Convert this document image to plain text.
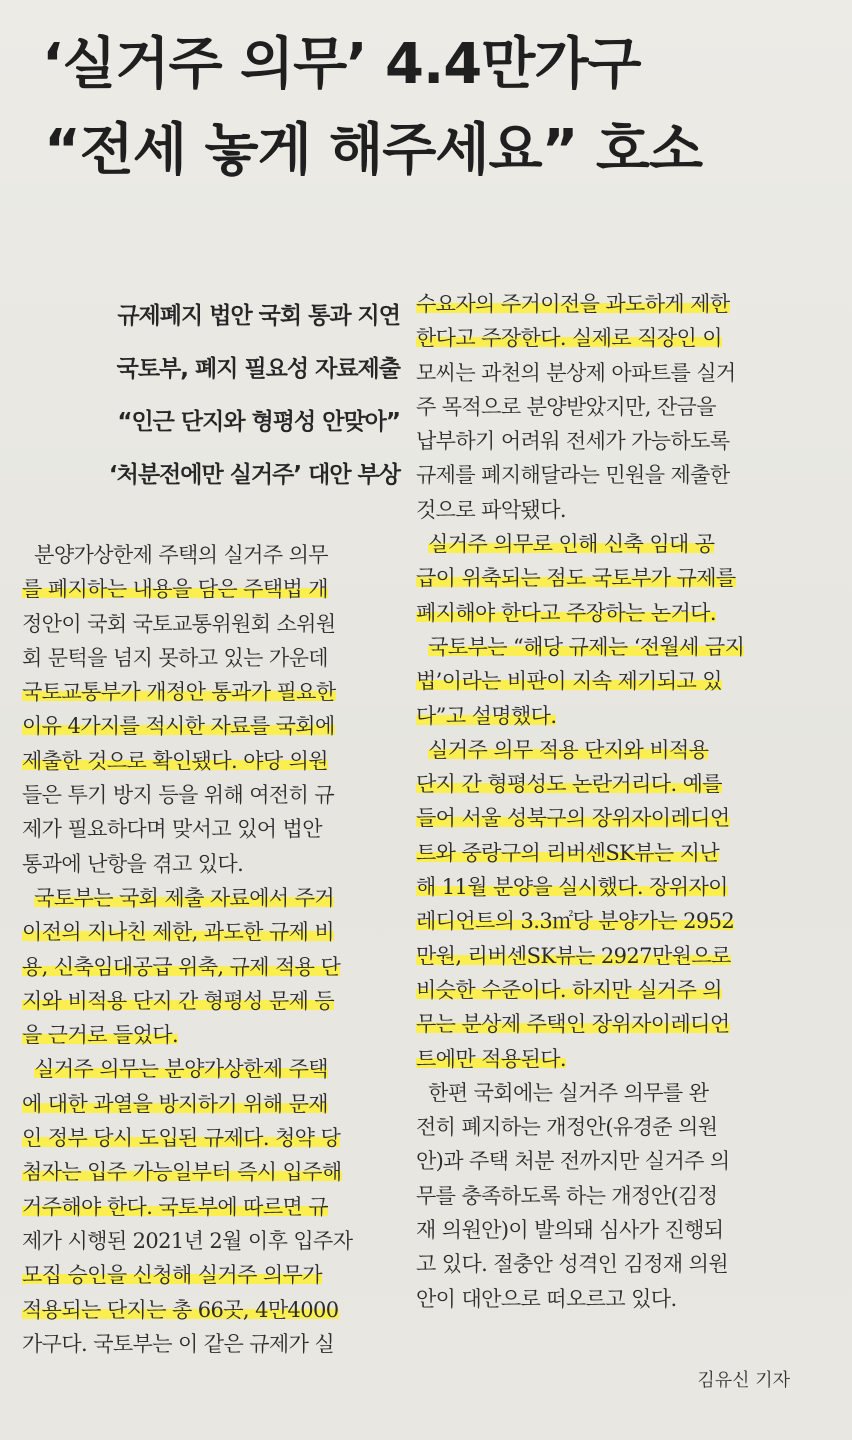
‘실거주 의무’ 4.4만가구
“전세 놓게 해주세요” 호소
규제폐지 법안 국회 통과 지연
국토부, 폐지 필요성 자료제출
“인근 단지와 형평성 안맞아”
‘처분전에만 실거주’ 대안 부상
분양가상한제 주택의 실거주 의무
를 폐지하는 내용을 담은 주택법 개
정안이 국회 국토교통위원회 소위원
회 문턱을 넘지 못하고 있는 가운데
국토교통부가 개정안 통과가 필요한
이유 4가지를 적시한 자료를 국회에
제출한 것으로 확인됐다. 야당 의원
들은 투기 방지 등을 위해 여전히 규
제가 필요하다며 맞서고 있어 법안
통과에 난항을 겪고 있다.
국토부는 국회 제출 자료에서 주거
이전의 지나친 제한, 과도한 규제 비
용, 신축임대공급 위축, 규제 적용 단
지와 비적용 단지 간 형평성 문제 등
을 근거로 들었다.
실거주 의무는 분양가상한제 주택
에 대한 과열을 방지하기 위해 문재
인 정부 당시 도입된 규제다. 청약 당
첨자는 입주 가능일부터 즉시 입주해
거주해야 한다. 국토부에 따르면 규
제가 시행된 2021년 2월 이후 입주자
모집 승인을 신청해 실거주 의무가
적용되는 단지는 총 66곳, 4만4000
가구다. 국토부는 이 같은 규제가 실
수요자의 주거이전을 과도하게 제한
한다고 주장한다. 실제로 직장인 이
모씨는 과천의 분상제 아파트를 실거
주 목적으로 분양받았지만, 잔금을
납부하기 어려워 전세가 가능하도록
규제를 폐지해달라는 민원을 제출한
것으로 파악됐다.
실거주 의무로 인해 신축 임대 공
급이 위축되는 점도 국토부가 규제를
폐지해야 한다고 주장하는 논거다.
국토부는 “해당 규제는 ‘전월세 금지
법’이라는 비판이 지속 제기되고 있
다”고 설명했다.
실거주 의무 적용 단지와 비적용
단지 간 형평성도 논란거리다. 예를
들어 서울 성북구의 장위자이레디언
트와 중랑구의 리버센SK뷰는 지난
해 11월 분양을 실시했다. 장위자이
레디언트의 3.3㎡당 분양가는 2952
만원, 리버센SK뷰는 2927만원으로
비슷한 수준이다. 하지만 실거주 의
무는 분상제 주택인 장위자이레디언
트에만 적용된다.
한편 국회에는 실거주 의무를 완
전히 폐지하는 개정안(유경준 의원
안)과 주택 처분 전까지만 실거주 의
무를 충족하도록 하는 개정안(김정
재 의원안)이 발의돼 심사가 진행되
고 있다. 절충안 성격인 김정재 의원
안이 대안으로 떠오르고 있다.
김유신 기자
